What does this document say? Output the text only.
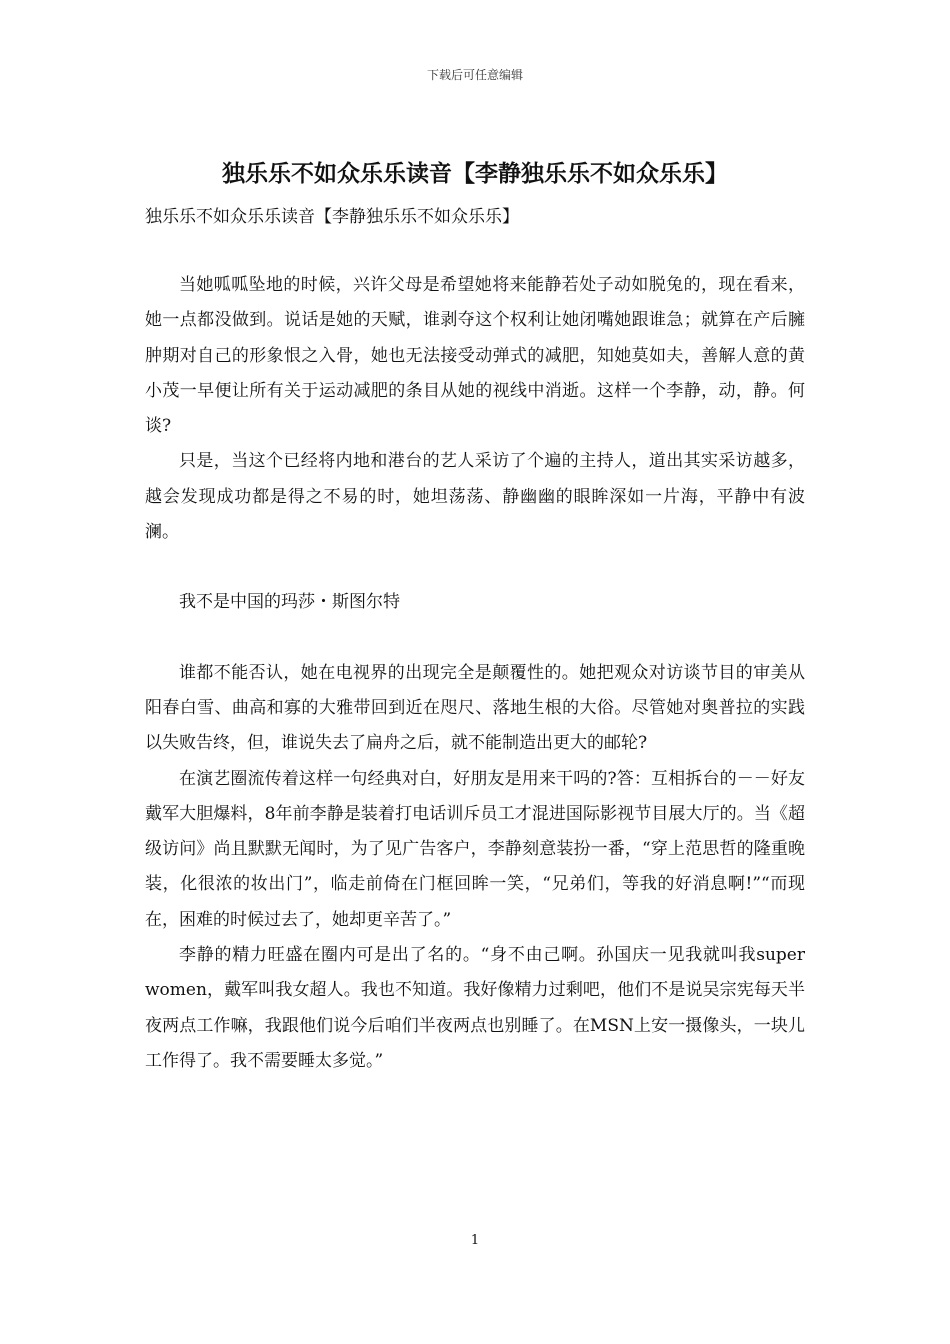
下载后可任意编辑
独乐乐不如众乐乐读音【李静独乐乐不如众乐乐】

独乐乐不如众乐乐读音【李静独乐乐不如众乐乐】

当她呱呱坠地的时候，兴许父母是希望她将来能静若处子动如脱兔的，现在看来，她一点都没做到。说话是她的天赋，谁剥夺这个权利让她闭嘴她跟谁急；就算在产后臃肿期对自己的形象恨之入骨，她也无法接受动弹式的减肥，知她莫如夫，善解人意的黄小茂一早便让所有关于运动减肥的条目从她的视线中消逝。这样一个李静，动，静。何谈?

只是，当这个已经将内地和港台的艺人采访了个遍的主持人，道出其实采访越多，越会发现成功都是得之不易的时，她坦荡荡、静幽幽的眼眸深如一片海，平静中有波澜。

我不是中国的玛莎・斯图尔特

谁都不能否认，她在电视界的出现完全是颠覆性的。她把观众对访谈节目的审美从阳春白雪、曲高和寡的大雅带回到近在咫尺、落地生根的大俗。尽管她对奥普拉的实践以失败告终，但，谁说失去了扁舟之后，就不能制造出更大的邮轮?

在演艺圈流传着这样一句经典对白，好朋友是用来干吗的?答：互相拆台的－－好友戴军大胆爆料，8年前李静是装着打电话训斥员工才混进国际影视节目展大厅的。当《超级访问》尚且默默无闻时，为了见广告客户，李静刻意装扮一番，“穿上范思哲的隆重晚装，化很浓的妆出门”，临走前倚在门框回眸一笑，“兄弟们，等我的好消息啊!”“而现在，困难的时候过去了，她却更辛苦了。”

李静的精力旺盛在圈内可是出了名的。“身不由己啊。孙国庆一见我就叫我super women，戴军叫我女超人。我也不知道。我好像精力过剩吧，他们不是说吴宗宪每天半夜两点工作嘛，我跟他们说今后咱们半夜两点也别睡了。在MSN上安一摄像头，一块儿工作得了。我不需要睡太多觉。”

1
